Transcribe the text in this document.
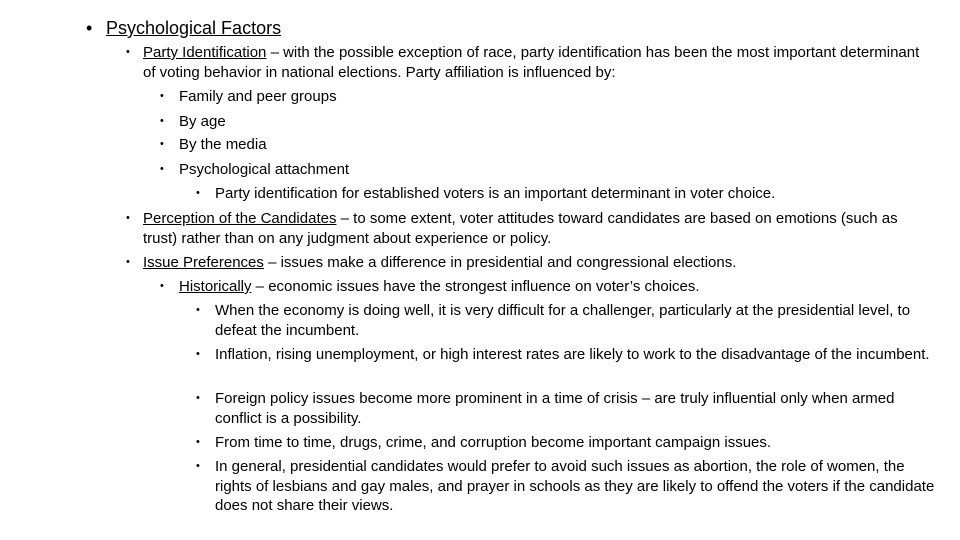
• Psychological Factors
• Party Identification – with the possible exception of race, party identification has been the most important determinant of voting behavior in national elections. Party affiliation is influenced by:
•	Family and peer groups
•	By age
•	By the media
•	Psychological attachment
•	Party identification for established voters is an important determinant in voter choice.
• Perception of the Candidates – to some extent, voter attitudes toward candidates are based on emotions (such as trust) rather than on any judgment about experience or policy.
• Issue Preferences – issues make a difference in presidential and congressional elections.
•	Historically – economic issues have the strongest influence on voter’s choices.
•	When the economy is doing well, it is very difficult for a challenger, particularly at the presidential level, to defeat the incumbent.
•	Inflation, rising unemployment, or high interest rates are likely to work to the disadvantage of the incumbent.
•	Foreign policy issues become more prominent in a time of crisis – are truly influential only when armed conflict is a possibility.
•	From time to time, drugs, crime, and corruption become important campaign issues.
•	In general, presidential candidates would prefer to avoid such issues as abortion, the role of women, the rights of lesbians and gay males, and prayer in schools as they are likely to offend the voters if the candidate does not share their views.
